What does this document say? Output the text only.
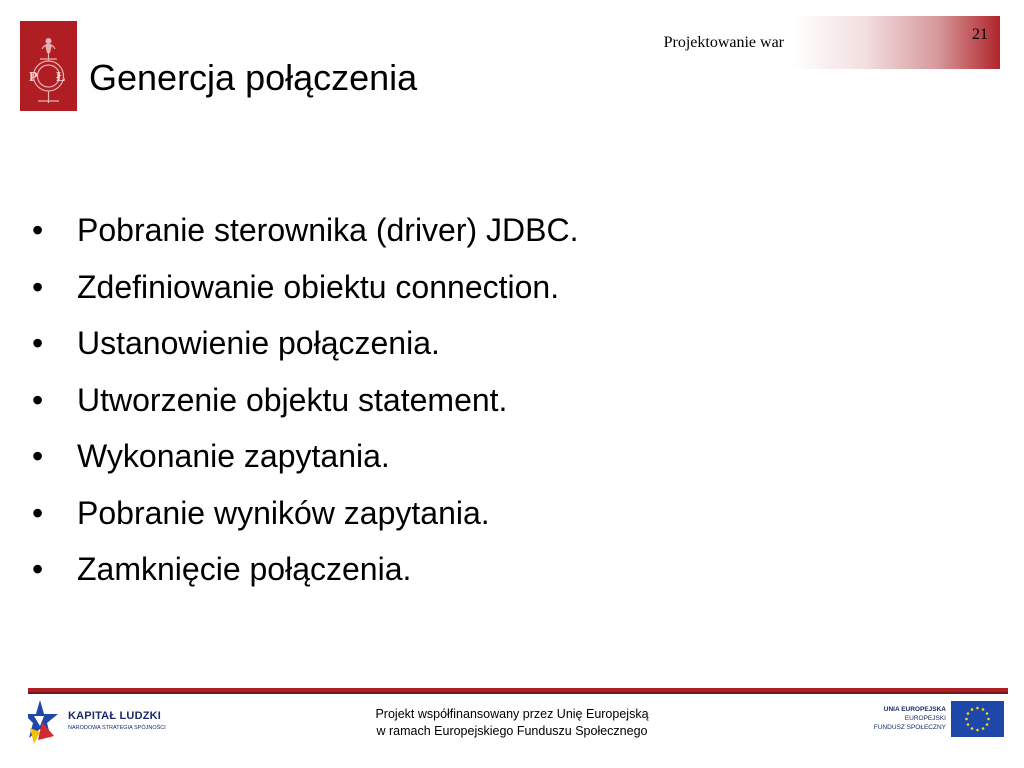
P Ł Genercja połączenia
Projektowanie war	21
•	Pobranie sterownika (driver) JDBC.
•	Zdefiniowanie obiektu connection.
•	Ustanowienie połączenia.
•	Utworzenie objektu statement.
•	Wykonanie zapytania.
•	Pobranie wyników zapytania.
•	Zamknięcie połączenia.
KAPITAŁ LUDZKI
NARODOWA STRATEGIA SPÓJNOŚCI
Projekt współfinansowany przez Unię Europejską
w ramach Europejskiego Funduszu Społecznego
UNIA EUROPEJSKA
EUROPEJSKI
FUNDUSZ SPOŁECZNY
